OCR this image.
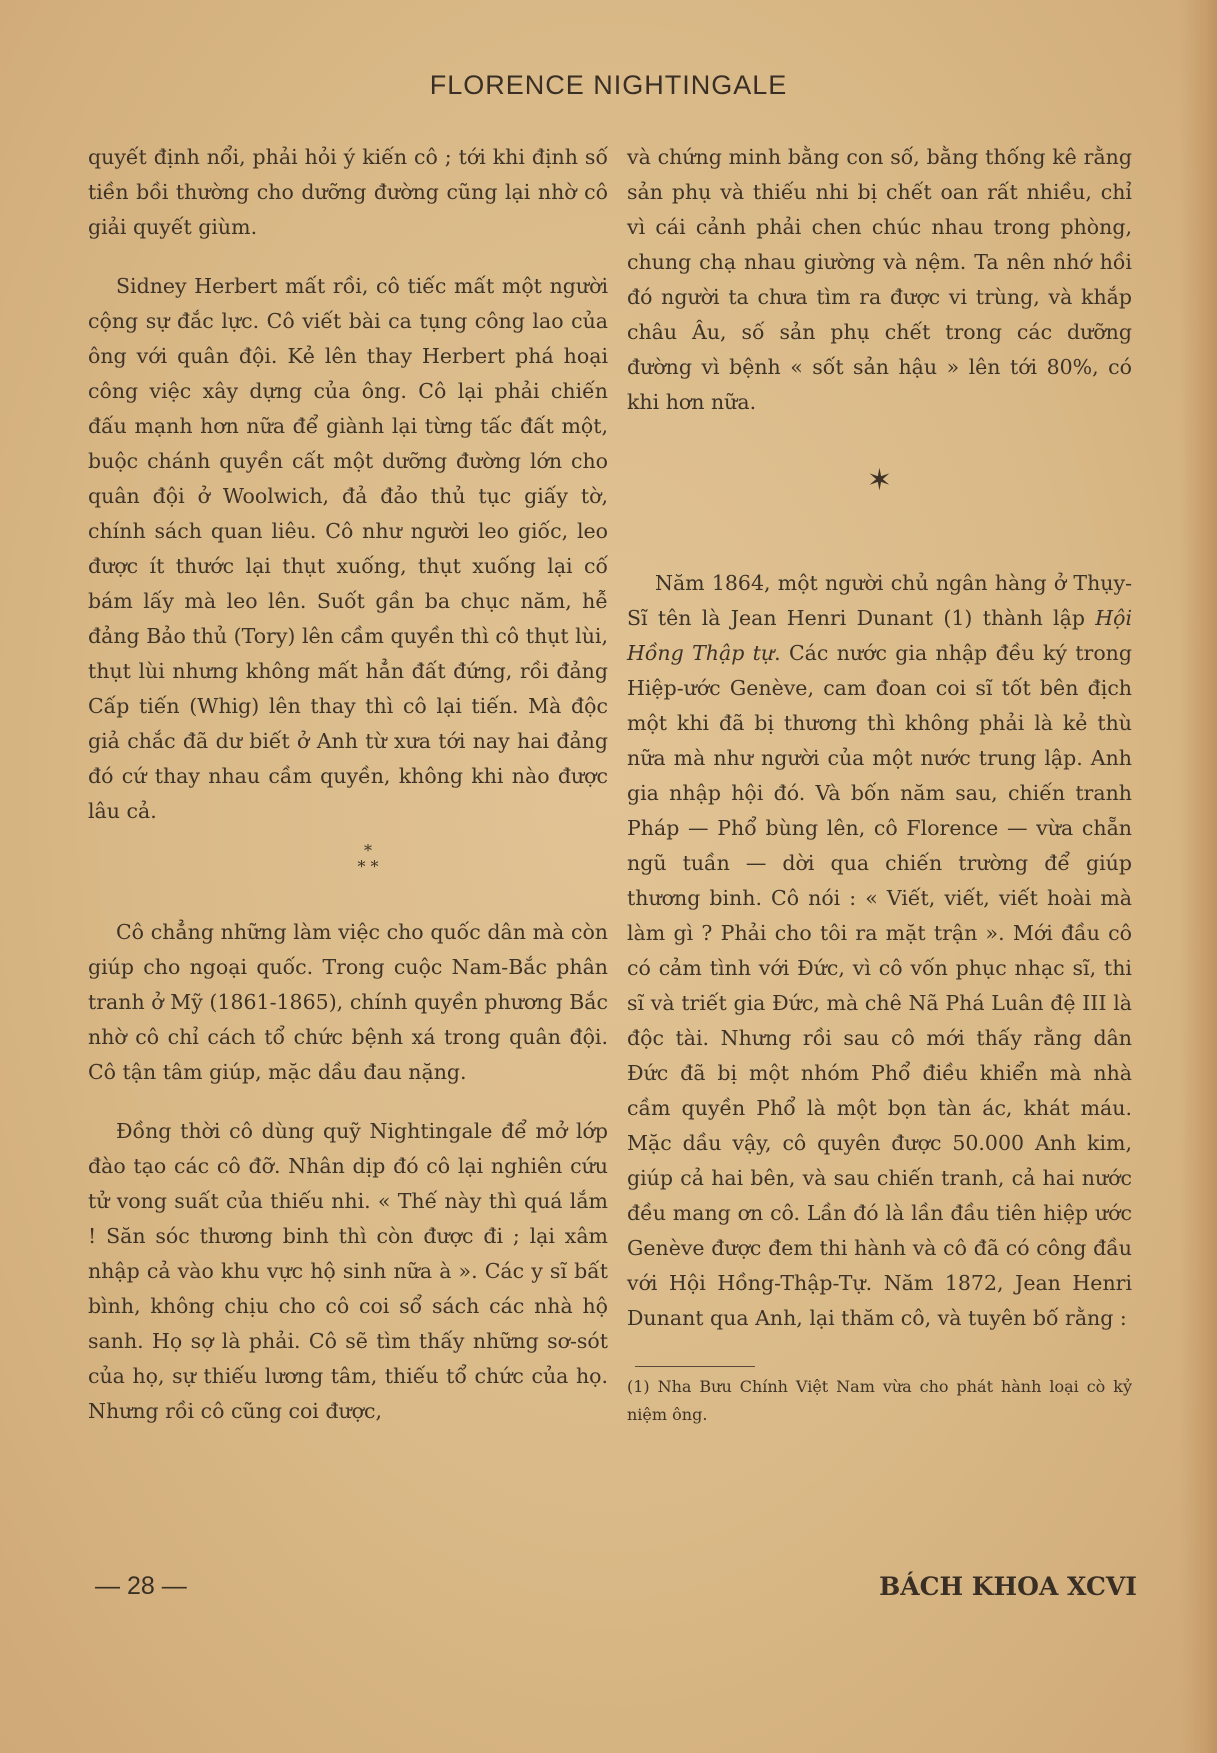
FLORENCE NIGHTINGALE

quyết định nổi, phải hỏi ý kiến cô ; tới khi định số tiền bồi thường cho dưỡng đường cũng lại nhờ cô giải quyết giùm.

Sidney Herbert mất rồi, cô tiếc mất một người cộng sự đắc lực. Cô viết bài ca tụng công lao của ông với quân đội. Kẻ lên thay Herbert phá hoại công việc xây dựng của ông. Cô lại phải chiến đấu mạnh hơn nữa để giành lại từng tấc đất một, buộc chánh quyền cất một dưỡng đường lớn cho quân đội ở Woolwich, đả đảo thủ tục giấy tờ, chính sách quan liêu. Cô như người leo giốc, leo được ít thước lại thụt xuống, thụt xuống lại cố bám lấy mà leo lên. Suốt gần ba chục năm, hễ đảng Bảo thủ (Tory) lên cầm quyền thì cô thụt lùi, thụt lùi nhưng không mất hẳn đất đứng, rồi đảng Cấp tiến (Whig) lên thay thì cô lại tiến. Mà độc giả chắc đã dư biết ở Anh từ xưa tới nay hai đảng đó cứ thay nhau cầm quyền, không khi nào được lâu cả.

*
* *

Cô chẳng những làm việc cho quốc dân mà còn giúp cho ngoại quốc. Trong cuộc Nam-Bắc phân tranh ở Mỹ (1861-1865), chính quyền phương Bắc nhờ cô chỉ cách tổ chức bệnh xá trong quân đội. Cô tận tâm giúp, mặc dầu đau nặng.

Đồng thời cô dùng quỹ Nightingale để mở lớp đào tạo các cô đỡ. Nhân dịp đó cô lại nghiên cứu tử vong suất của thiếu nhi. « Thế này thì quá lắm ! Săn sóc thương binh thì còn được đi ; lại xâm nhập cả vào khu vực hộ sinh nữa à ». Các y sĩ bất bình, không chịu cho cô coi sổ sách các nhà hộ sanh. Họ sợ là phải. Cô sẽ tìm thấy những sơ-sót của họ, sự thiếu lương tâm, thiếu tổ chức của họ. Nhưng rồi cô cũng coi được,

và chứng minh bằng con số, bằng thống kê rằng sản phụ và thiếu nhi bị chết oan rất nhiều, chỉ vì cái cảnh phải chen chúc nhau trong phòng, chung chạ nhau giường và nệm. Ta nên nhớ hồi đó người ta chưa tìm ra được vi trùng, và khắp châu Âu, số sản phụ chết trong các dưỡng đường vì bệnh « sốt sản hậu » lên tới 80%, có khi hơn nữa.

✶

Năm 1864, một người chủ ngân hàng ở Thụy-Sĩ tên là Jean Henri Dunant (1) thành lập Hội Hồng Thập tự. Các nước gia nhập đều ký trong Hiệp-ước Genève, cam đoan coi sĩ tốt bên địch một khi đã bị thương thì không phải là kẻ thù nữa mà như người của một nước trung lập. Anh gia nhập hội đó. Và bốn năm sau, chiến tranh Pháp — Phổ bùng lên, cô Florence — vừa chẵn ngũ tuần — dời qua chiến trường để giúp thương binh. Cô nói : « Viết, viết, viết hoài mà làm gì ? Phải cho tôi ra mặt trận ». Mới đầu cô có cảm tình với Đức, vì cô vốn phục nhạc sĩ, thi sĩ và triết gia Đức, mà chê Nã Phá Luân đệ III là độc tài. Nhưng rồi sau cô mới thấy rằng dân Đức đã bị một nhóm Phổ điều khiển mà nhà cầm quyền Phổ là một bọn tàn ác, khát máu. Mặc dầu vậy, cô quyên được 50.000 Anh kim, giúp cả hai bên, và sau chiến tranh, cả hai nước đều mang ơn cô. Lần đó là lần đầu tiên hiệp ước Genève được đem thi hành và cô đã có công đầu với Hội Hồng-Thập-Tự. Năm 1872, Jean Henri Dunant qua Anh, lại thăm cô, và tuyên bố rằng :

(1) Nha Bưu Chính Việt Nam vừa cho phát hành loại cò kỷ niệm ông.

— 28 —	BÁCH KHOA XCVI
